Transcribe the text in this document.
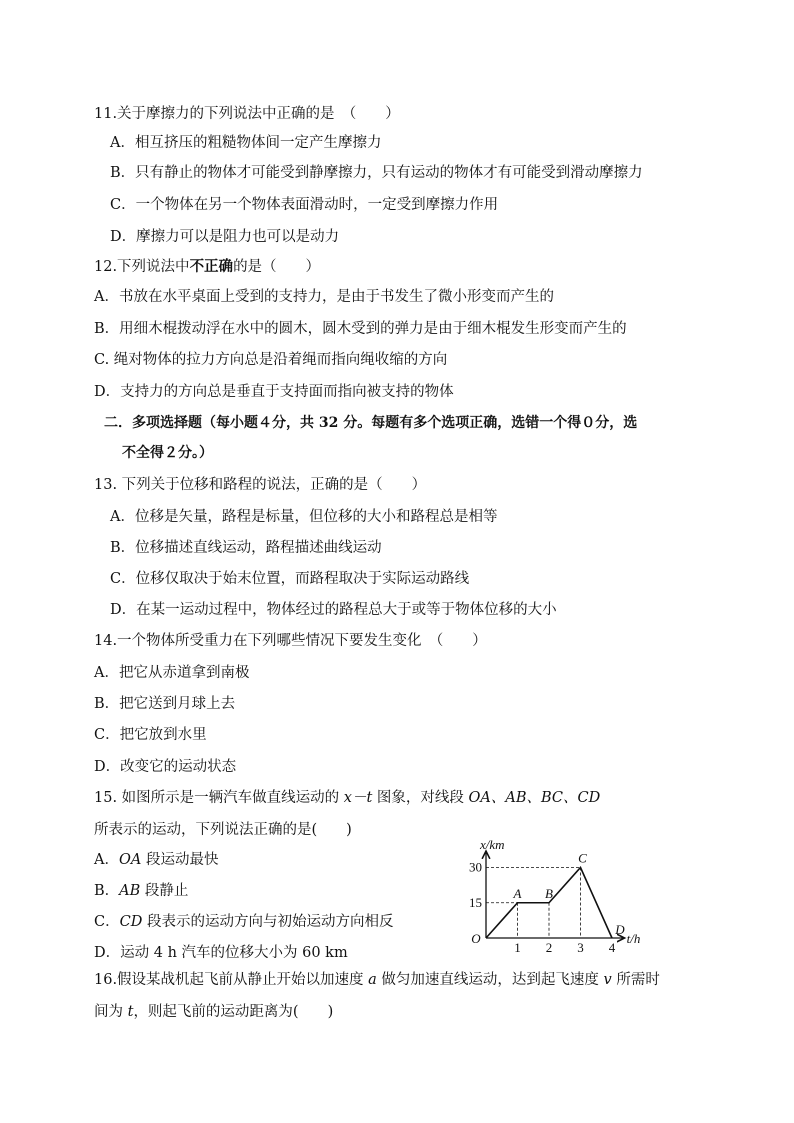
11.关于摩擦力的下列说法中正确的是　（　　）
A．相互挤压的粗糙物体间一定产生摩擦力
B．只有静止的物体才可能受到静摩擦力，只有运动的物体才有可能受到滑动摩擦力
C．一个物体在另一个物体表面滑动时，一定受到摩擦力作用
D．摩擦力可以是阻力也可以是动力
12.下列说法中不正确的是（　　）
A．书放在水平桌面上受到的支持力，是由于书发生了微小形变而产生的
B．用细木棍拨动浮在水中的圆木，圆木受到的弹力是由于细木棍发生形变而产生的
C. 绳对物体的拉力方向总是沿着绳而指向绳收缩的方向
D．支持力的方向总是垂直于支持面而指向被支持的物体
二．多项选择题（每小题４分，共 32 分。每题有多个选项正确，选错一个得０分，选
不全得２分。）
13. 下列关于位移和路程的说法，正确的是（　　）
A．位移是矢量，路程是标量，但位移的大小和路程总是相等
B．位移描述直线运动，路程描述曲线运动
C．位移仅取决于始末位置，而路程取决于实际运动路线
D．在某一运动过程中，物体经过的路程总大于或等于物体位移的大小
14.一个物体所受重力在下列哪些情况下要发生变化　（　　）
A．把它从赤道拿到南极
B．把它送到月球上去
C．把它放到水里
D．改变它的运动状态
15. 如图所示是一辆汽车做直线运动的 x－t 图象，对线段 OA、AB、BC、CD
所表示的运动，下列说法正确的是(　　)
A．OA 段运动最快
B．AB 段静止
C．CD 段表示的运动方向与初始运动方向相反
D．运动 4 h 汽车的位移大小为 60 km
x/km
t/h
O
1 2 3 4
15
30
A B
C
D
16.假设某战机起飞前从静止开始以加速度 a 做匀加速直线运动，达到起飞速度 v 所需时
间为 t，则起飞前的运动距离为(　　)
